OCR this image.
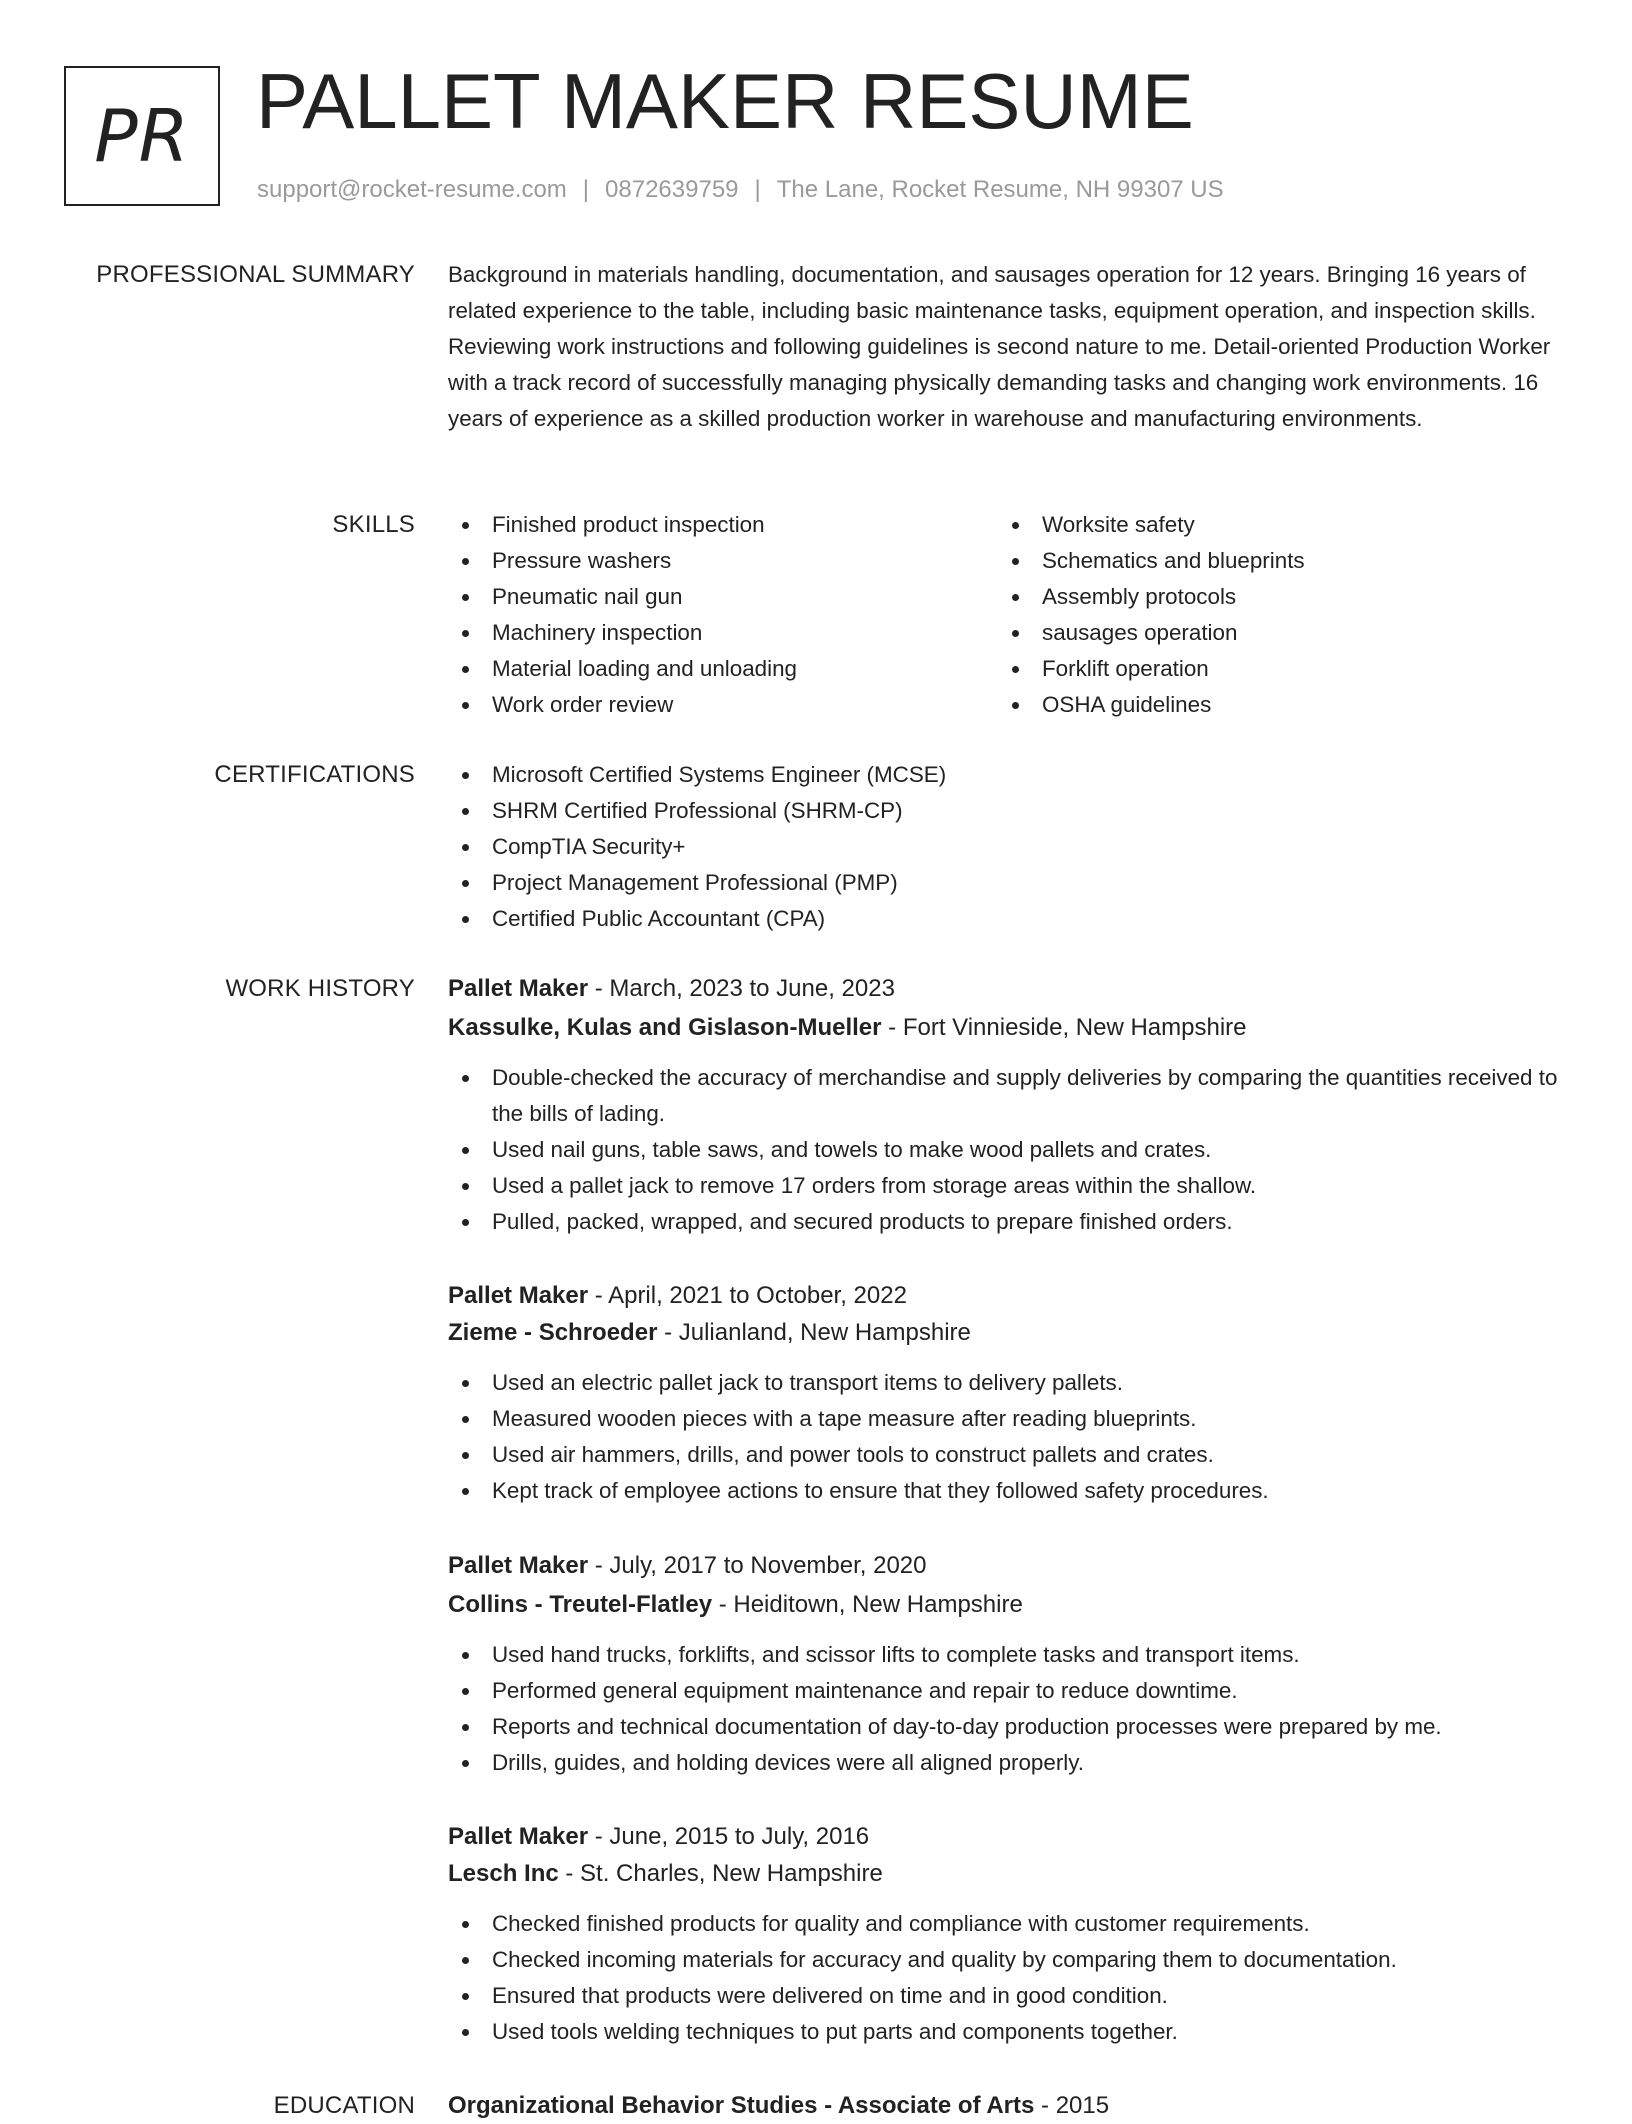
PR PALLET MAKER RESUME
support@rocket-resume.com | 0872639759 | The Lane, Rocket Resume, NH 99307 US
PROFESSIONAL SUMMARY Background in materials handling, documentation, and sausages operation for 12 years. Bringing 16 years of related experience to the table, including basic maintenance tasks, equipment operation, and inspection skills. Reviewing work instructions and following guidelines is second nature to me. Detail-oriented Production Worker with a track record of successfully managing physically demanding tasks and changing work environments. 16 years of experience as a skilled production worker in warehouse and manufacturing environments.

SKILLS	Finished product inspection
Pressure washers
Pneumatic nail gun
Machinery inspection
Material loading and unloading
Work order review
Worksite safety
Schematics and blueprints
Assembly protocols
sausages operation
Forklift operation
OSHA guidelines
CERTIFICATIONS	Microsoft Certified Systems Engineer (MCSE)
SHRM Certified Professional (SHRM-CP)
CompTIA Security+
Project Management Professional (PMP)
Certified Public Accountant (CPA)
WORK HISTORY Pallet Maker - March, 2023 to June, 2023
Kassulke, Kulas and Gislason-Mueller - Fort Vinnieside, New Hampshire
Double-checked the accuracy of merchandise and supply deliveries by comparing the quantities received to the bills of lading.
Used nail guns, table saws, and towels to make wood pallets and crates.
Used a pallet jack to remove 17 orders from storage areas within the shallow.
Pulled, packed, wrapped, and secured products to prepare finished orders.
Pallet Maker - April, 2021 to October, 2022
Zieme - Schroeder - Julianland, New Hampshire
Used an electric pallet jack to transport items to delivery pallets.
Measured wooden pieces with a tape measure after reading blueprints.
Used air hammers, drills, and power tools to construct pallets and crates.
Kept track of employee actions to ensure that they followed safety procedures.
Pallet Maker - July, 2017 to November, 2020
Collins - Treutel-Flatley - Heiditown, New Hampshire
Used hand trucks, forklifts, and scissor lifts to complete tasks and transport items.
Performed general equipment maintenance and repair to reduce downtime.
Reports and technical documentation of day-to-day production processes were prepared by me.
Drills, guides, and holding devices were all aligned properly.
Pallet Maker - June, 2015 to July, 2016
Lesch Inc - St. Charles, New Hampshire
Checked finished products for quality and compliance with customer requirements.
Checked incoming materials for accuracy and quality by comparing them to documentation.
Ensured that products were delivered on time and in good condition.
Used tools welding techniques to put parts and components together.
EDUCATION Organizational Behavior Studies - Associate of Arts - 2015
